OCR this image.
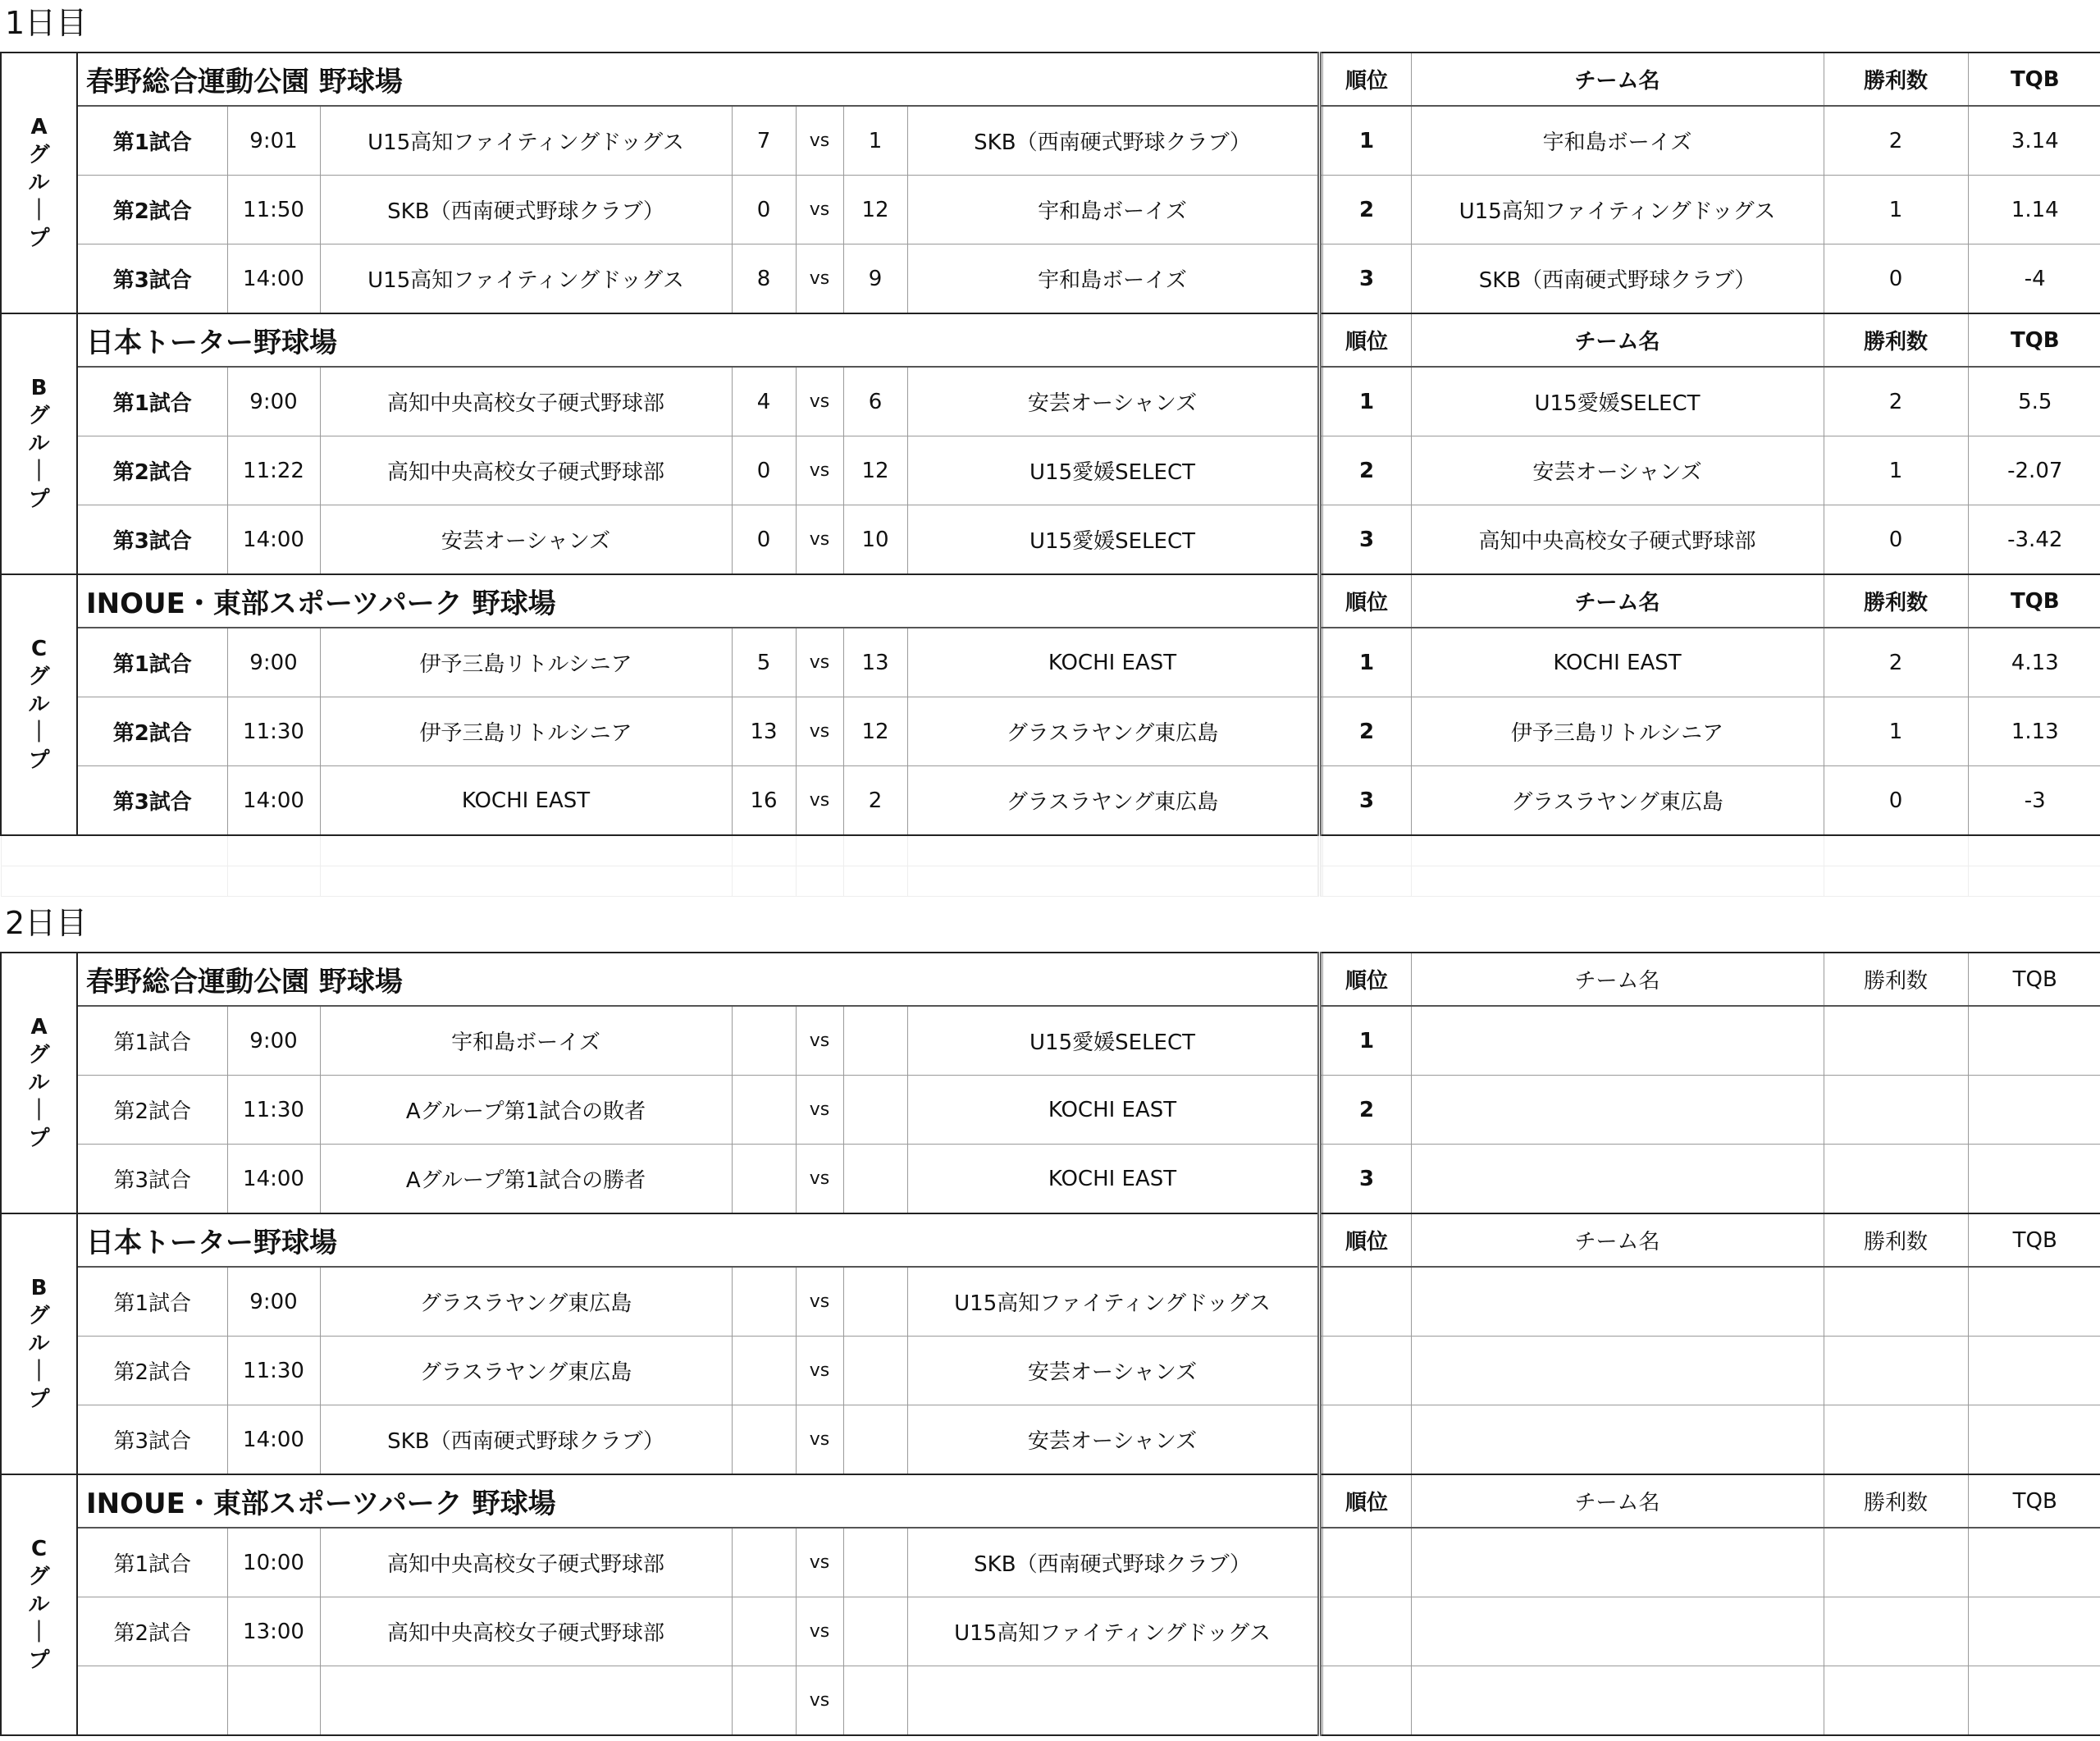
1日目
A
グ
ル
｜
プ	春野総合運動公園 野球場								順位	チーム名	勝利数	TQB
	第1試合	9:01	U15高知ファイティングドッグス	7	vs	1	SKB（西南硬式野球クラブ）		1	宇和島ボーイズ	2	3.14
	第2試合	11:50	SKB（西南硬式野球クラブ）	0	vs	12	宇和島ボーイズ		2	U15高知ファイティングドッグス	1	1.14
	第3試合	14:00	U15高知ファイティングドッグス	8	vs	9	宇和島ボーイズ		3	SKB（西南硬式野球クラブ）	0	-4

B
グ
ル
｜
プ	日本トーター野球場								順位	チーム名	勝利数	TQB
	第1試合	9:00	高知中央高校女子硬式野球部	4	vs	6	安芸オーシャンズ		1	U15愛媛SELECT	2	5.5
	第2試合	11:22	高知中央高校女子硬式野球部	0	vs	12	U15愛媛SELECT		2	安芸オーシャンズ	1	-2.07
	第3試合	14:00	安芸オーシャンズ	0	vs	10	U15愛媛SELECT		3	高知中央高校女子硬式野球部	0	-3.42

C
グ
ル
｜
プ	INOUE・東部スポーツパーク 野球場								順位	チーム名	勝利数	TQB
	第1試合	9:00	伊予三島リトルシニア	5	vs	13	KOCHI EAST		1	KOCHI EAST	2	4.13
	第2試合	11:30	伊予三島リトルシニア	13	vs	12	グラスラヤング東広島		2	伊予三島リトルシニア	1	1.13
	第3試合	14:00	KOCHI EAST	16	vs	2	グラスラヤング東広島		3	グラスラヤング東広島	0	-3

2日目
A
グ
ル
｜
プ	春野総合運動公園 野球場								順位	チーム名	勝利数	TQB
	第1試合	9:00	宇和島ボーイズ		vs		U15愛媛SELECT		1			
	第2試合	11:30	Aグループ第1試合の敗者		vs		KOCHI EAST		2			
	第3試合	14:00	Aグループ第1試合の勝者		vs		KOCHI EAST		3			

B
グ
ル
｜
プ	日本トーター野球場								順位	チーム名	勝利数	TQB
	第1試合	9:00	グラスラヤング東広島		vs		U15高知ファイティングドッグス					
	第2試合	11:30	グラスラヤング東広島		vs		安芸オーシャンズ					
	第3試合	14:00	SKB（西南硬式野球クラブ）		vs		安芸オーシャンズ					

C
グ
ル
｜
プ	INOUE・東部スポーツパーク 野球場								順位	チーム名	勝利数	TQB
	第1試合	10:00	高知中央高校女子硬式野球部		vs		SKB（西南硬式野球クラブ）					
	第2試合	13:00	高知中央高校女子硬式野球部		vs		U15高知ファイティングドッグス					
					vs							
